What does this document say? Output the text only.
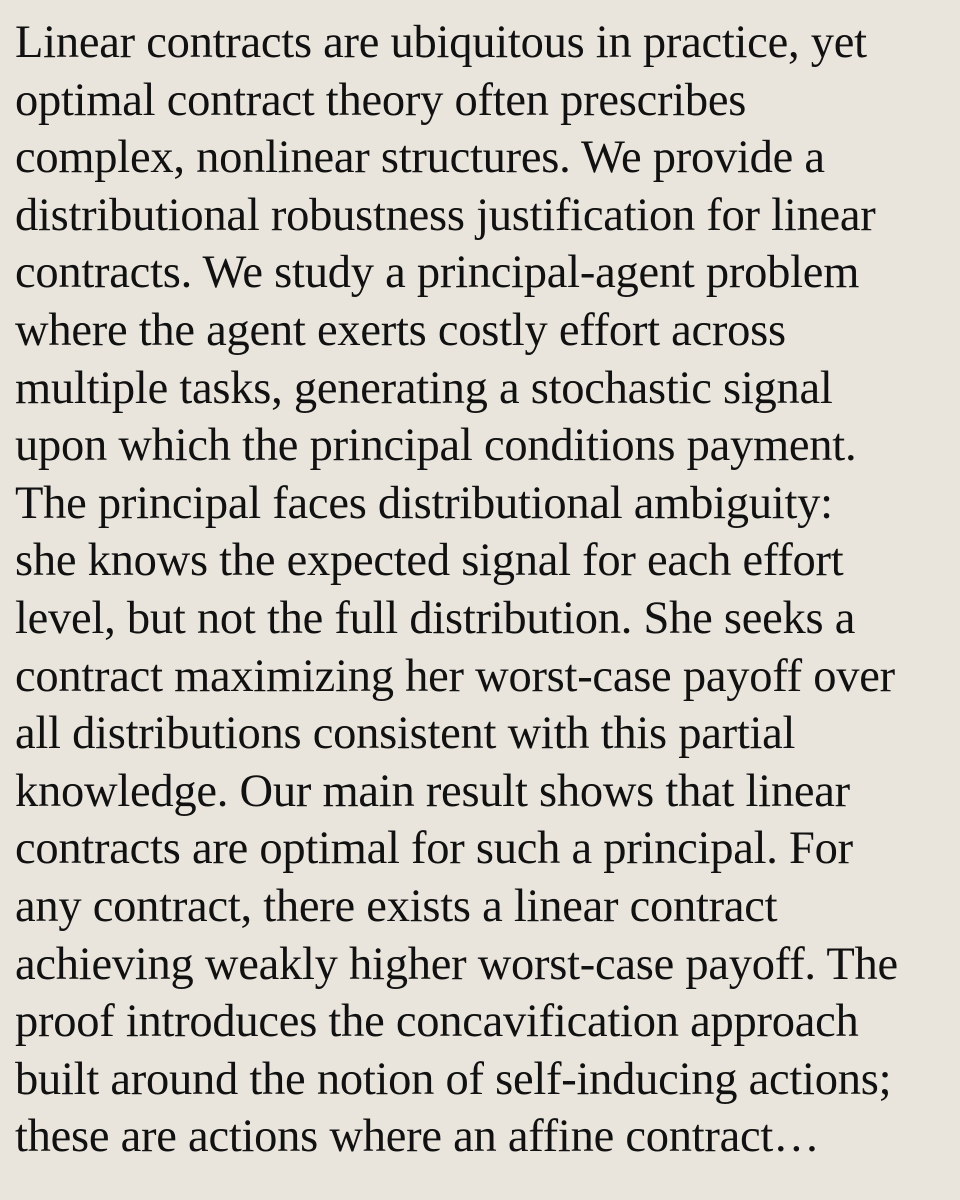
Linear contracts are ubiquitous in practice, yet
optimal contract theory often prescribes
complex, nonlinear structures. We provide a
distributional robustness justification for linear
contracts. We study a principal-agent problem
where the agent exerts costly effort across
multiple tasks, generating a stochastic signal
upon which the principal conditions payment.
The principal faces distributional ambiguity:
she knows the expected signal for each effort
level, but not the full distribution. She seeks a
contract maximizing her worst-case payoff over
all distributions consistent with this partial
knowledge. Our main result shows that linear
contracts are optimal for such a principal. For
any contract, there exists a linear contract
achieving weakly higher worst-case payoff. The
proof introduces the concavification approach
built around the notion of self-inducing actions;
these are actions where an affine contract…
